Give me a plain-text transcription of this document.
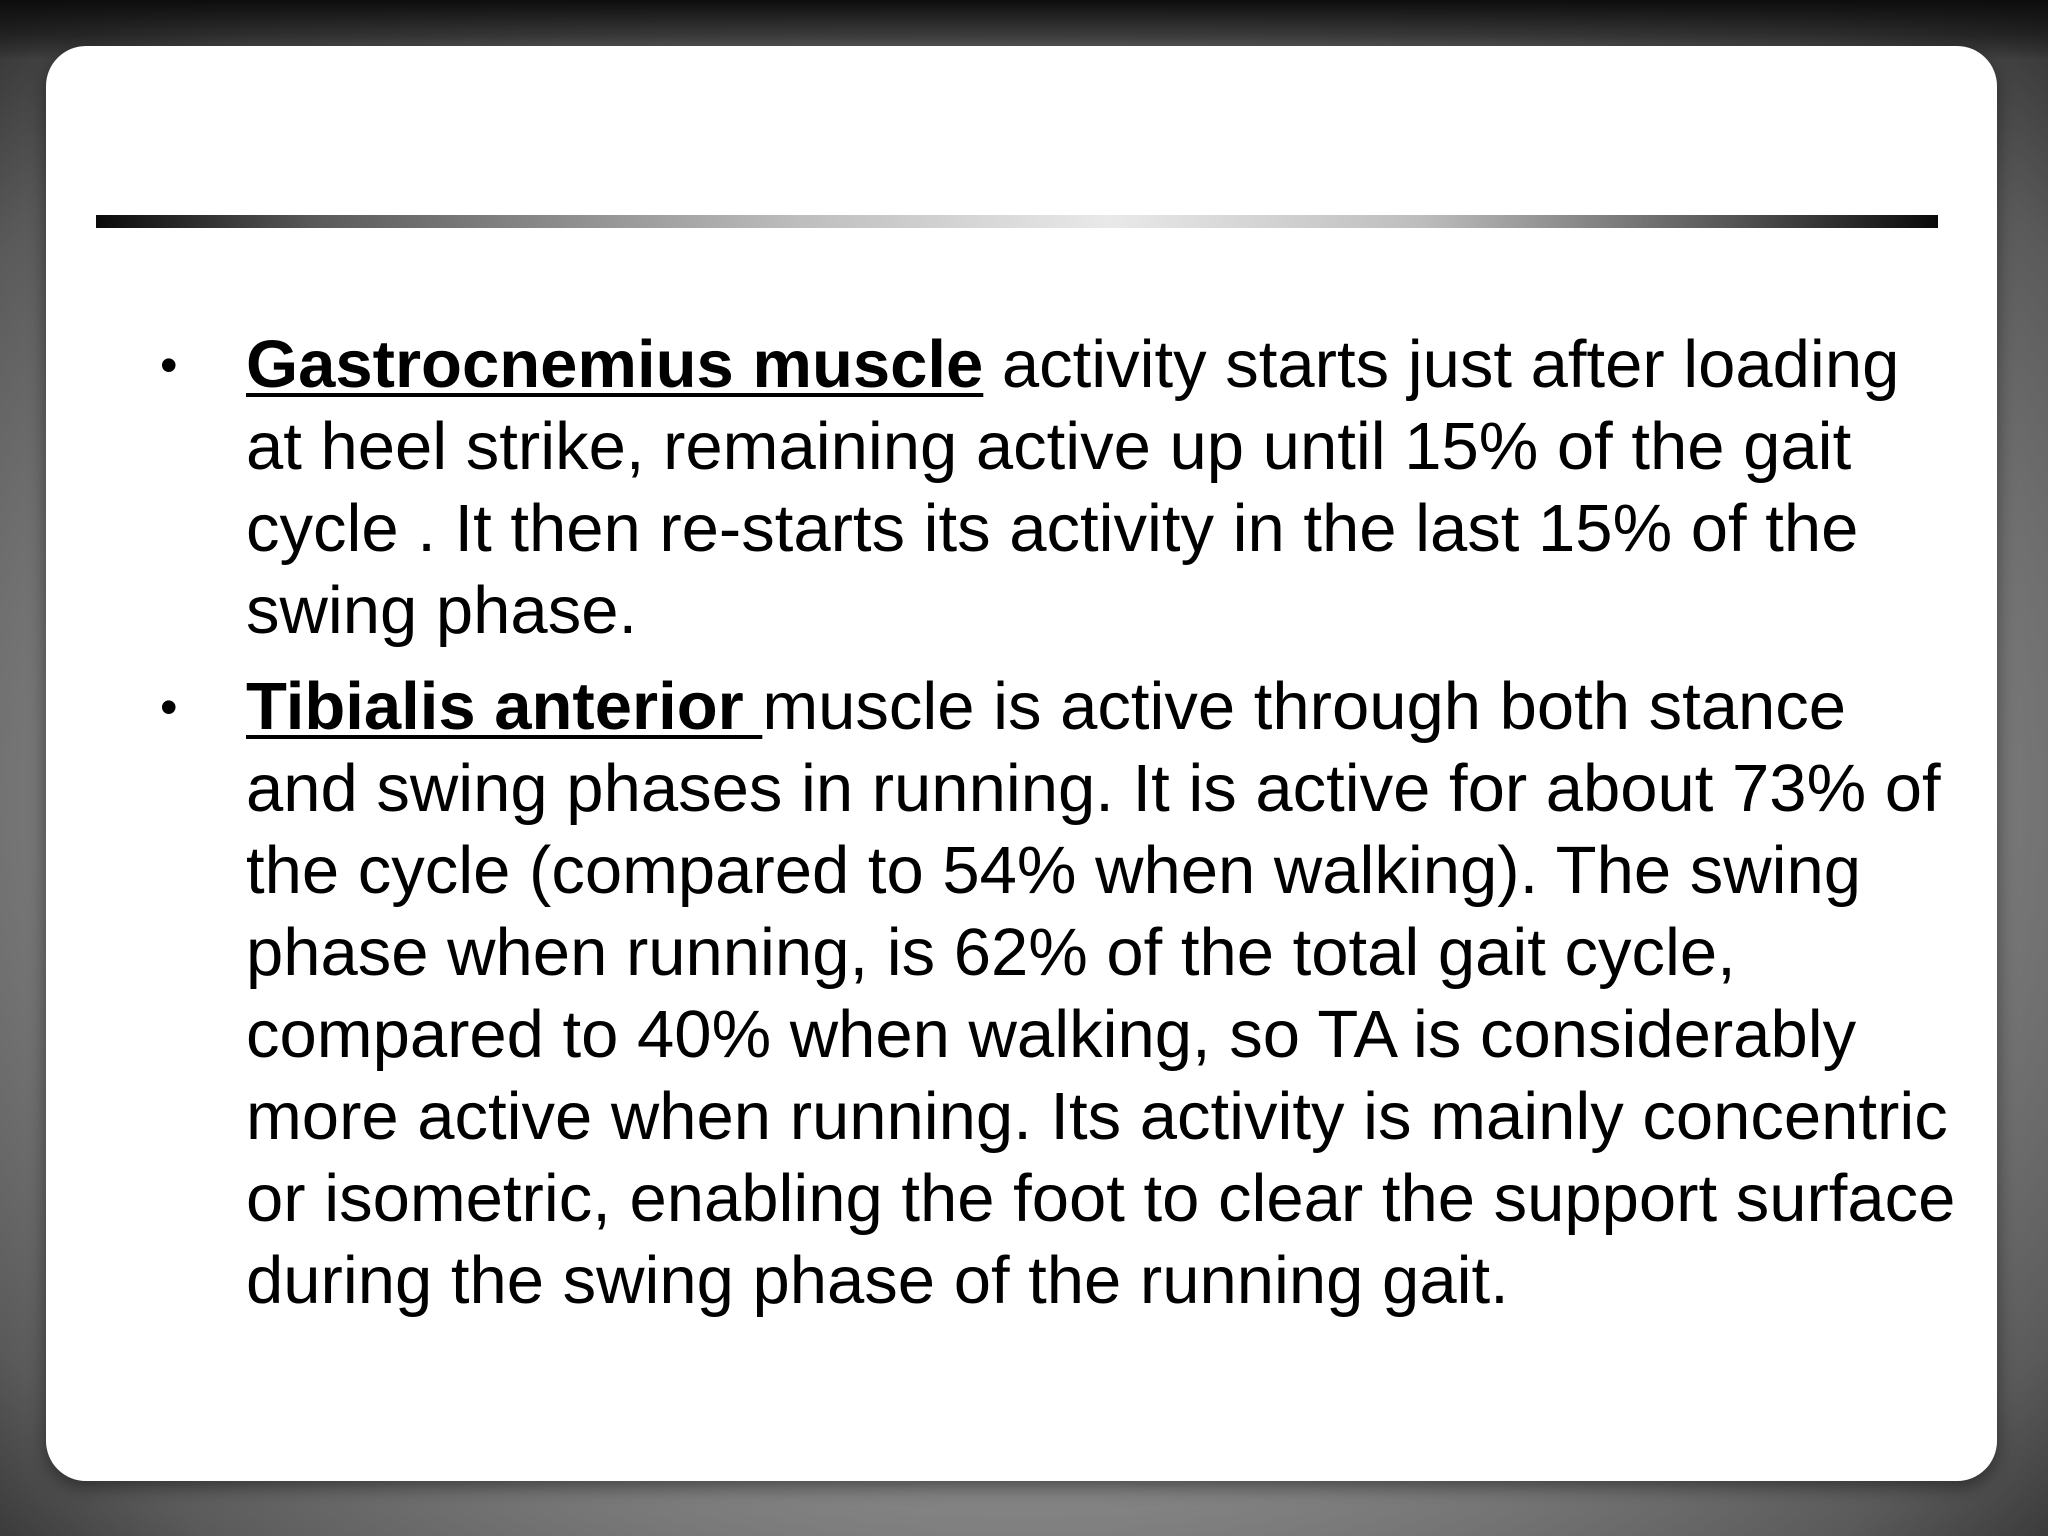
• Gastrocnemius muscle activity starts just after loading at heel strike, remaining active up until 15% of the gait cycle . It then re-starts its activity in the last 15% of the swing phase.
• Tibialis anterior muscle is active through both stance and swing phases in running. It is active for about 73% of the cycle (compared to 54% when walking). The swing phase when running, is 62% of the total gait cycle, compared to 40% when walking, so TA is considerably more active when running. Its activity is mainly concentric or isometric, enabling the foot to clear the support surface during the swing phase of the running gait.
